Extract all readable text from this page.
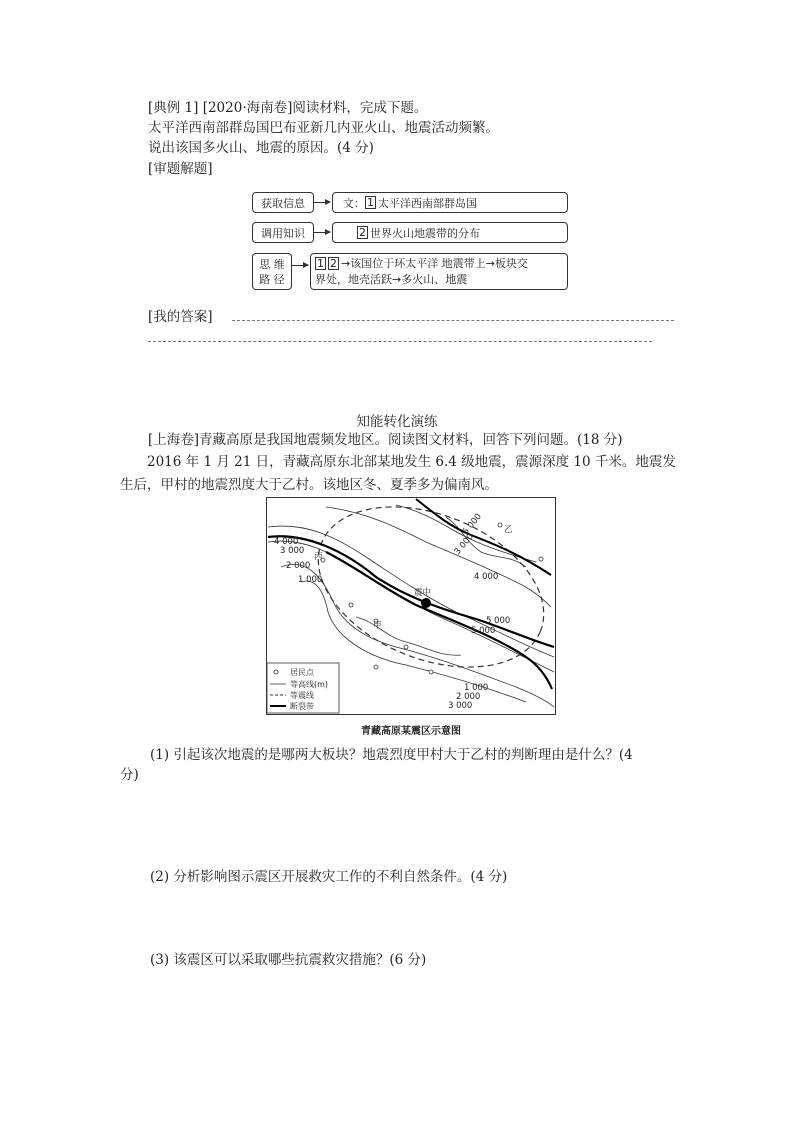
[典例 1] [2020·海南卷]阅读材料，完成下题。
太平洋西南部群岛国巴布亚新几内亚火山、地震活动频繁。
说出该国多火山、地震的原因。(4 分)
[审题解题]
获取信息	文： 1 太平洋西南部群岛国
调用知识	2 世界火山地震带的分布
思 维
路 径
1 2 →该国位于环太平洋 地震带上→板块交
界处，地壳活跃→多火山、地震
[我的答案]
知能转化演练
[上海卷]青藏高原是我国地震频发地区。阅读图文材料，回答下列问题。(18 分)
2016 年 1 月 21 日，青藏高原东北部某地发生 6.4 级地震，震源深度 10 千米。地震发生后，甲村的地震烈度大于乙村。该地区冬、夏季多为偏南风。
震中
甲
乙
丙
4 000
3 000
2 000
1 000
5 000
5 000
4 000
6 000
3 000
1 000
2 000
3 000
居民点
等高线(m)
等震线
断裂带
青藏高原某震区示意图
(1) 引起该次地震的是哪两大板块？地震烈度甲村大于乙村的判断理由是什么？(4
分)
(2) 分析影响图示震区开展救灾工作的不利自然条件。(4 分)
(3) 该震区可以采取哪些抗震救灾措施？(6 分)
